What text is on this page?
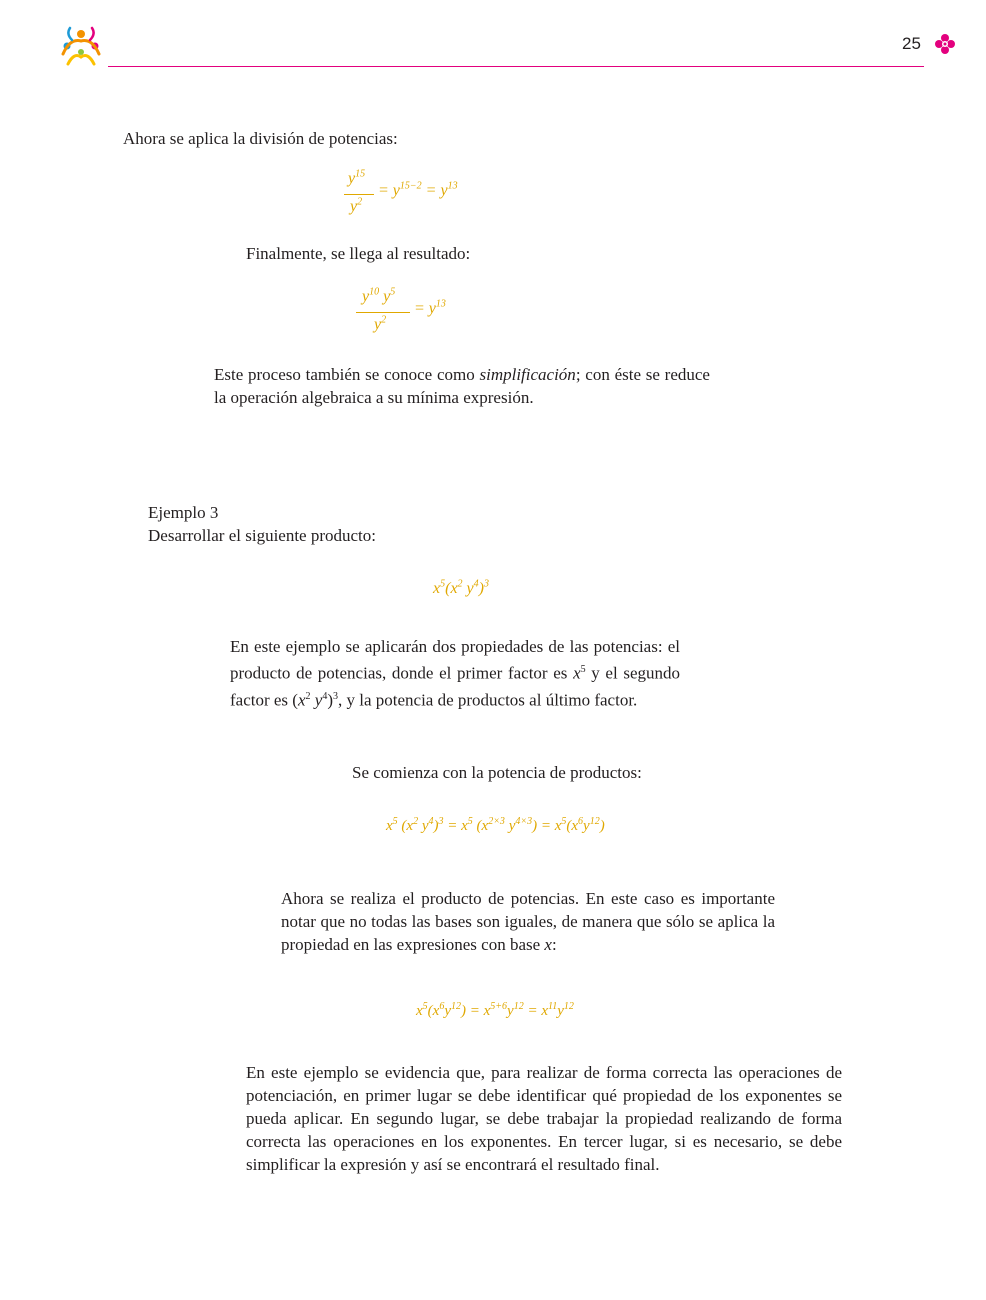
25

Ahora se aplica la división de potencias:

$y^{15}$
$y^2$
= $y^{15-2} = y^{13}$

Finalmente, se llega al resultado:

$y^{10}$ $y^5$
$y^2$
= $y^{13}$

Este proceso también se conoce como simplificación; con éste se reduce la operación algebraica a su mínima expresión.

Ejemplo 3

Desarrollar el siguiente producto:

$x^5(x^2$ $y^4)^3$

En este ejemplo se aplicarán dos propiedades de las potencias: el producto de potencias, donde el primer factor es $x^5$ y el segundo factor es ($x^2$ $y^4)^3$, y la potencia de productos al último factor.

Se comienza con la potencia de productos:

$x^5$ ($x^2$ $y^4)^3 = x^5$ ($x^{2\times 3}$ $y^{4\times 3}) = x^5(x^6y^{12})$

Ahora se realiza el producto de potencias. En este caso es importante notar que no todas las bases son iguales, de manera que sólo se aplica la propiedad en las expresiones con base x:

$x^5(x^6y^{12}) = x^{5+6}y^{12} = x^{11}y^{12}$

En este ejemplo se evidencia que, para realizar de forma correcta las operaciones de potenciación, en primer lugar se debe identificar qué propiedad de los exponentes se pueda aplicar. En segundo lugar, se debe trabajar la propiedad realizando de forma correcta las operaciones en los exponentes. En tercer lugar, si es necesario, se debe simplificar la expresión y así se encontrará el resultado final.
